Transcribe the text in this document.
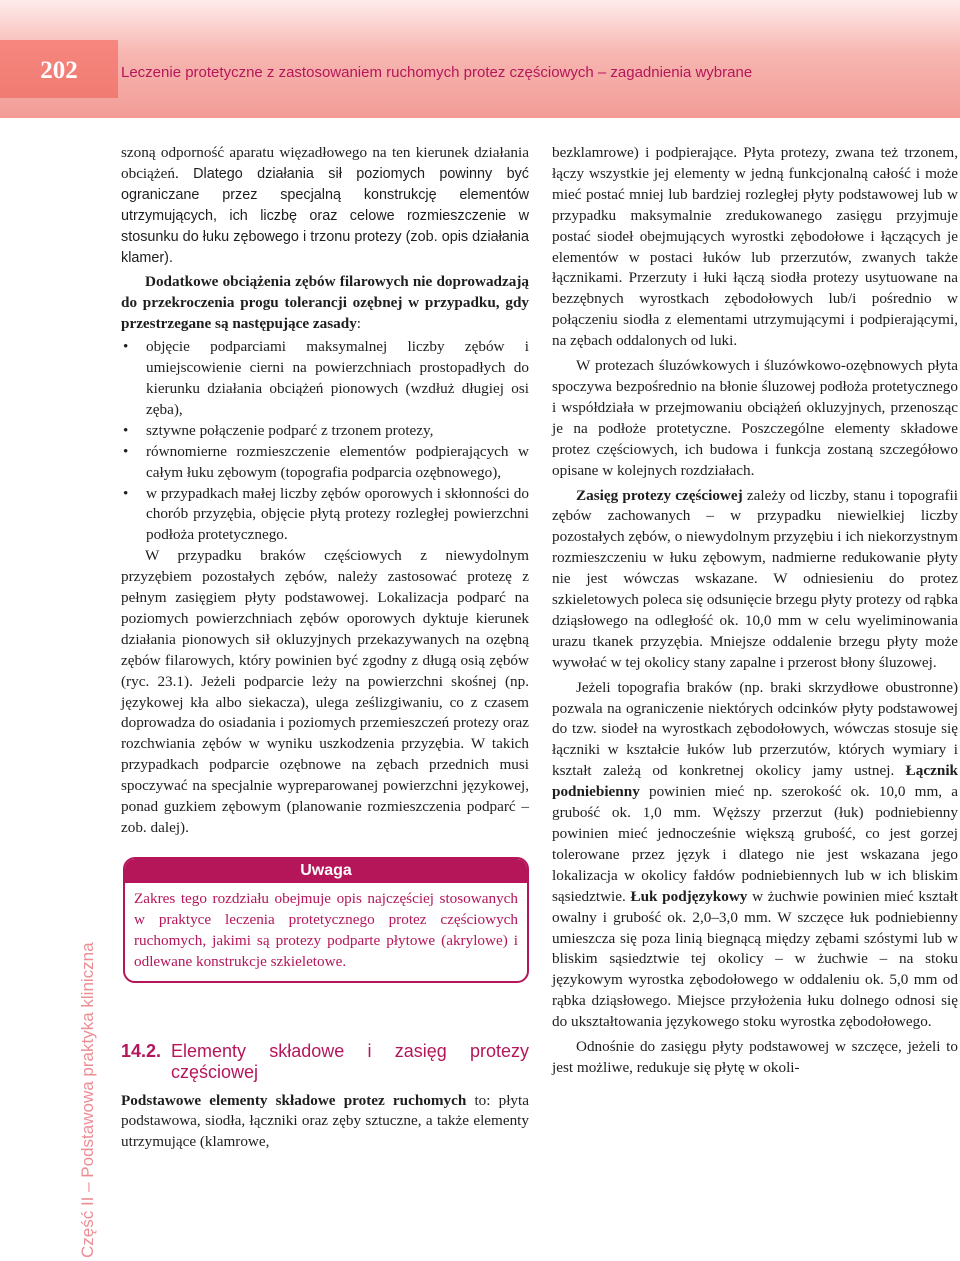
202	Leczenie protetyczne z zastosowaniem ruchomych protez częściowych – zagadnienia wybrane
Część II – Podstawowa praktyka kliniczna

szoną odporność aparatu więzadłowego na ten kierunek działania obciążeń. Dlatego działania sił poziomych powinny być ograniczane przez specjalną konstrukcję elementów utrzymujących, ich liczbę oraz celowe rozmieszczenie w stosunku do łuku zębowego i trzonu protezy (zob. opis działania klamer).

Dodatkowe obciążenia zębów filarowych nie doprowadzają do przekroczenia progu tolerancji ozębnej w przypadku, gdy przestrzegane są następujące zasady:

• objęcie podparciami maksymalnej liczby zębów i umiejscowienie cierni na powierzchniach prostopadłych do kierunku działania obciążeń pionowych (wzdłuż długiej osi zęba),
• sztywne połączenie podparć z trzonem protezy,
• równomierne rozmieszczenie elementów podpierających w całym łuku zębowym (topografia podparcia ozębnowego),
• w przypadkach małej liczby zębów oporowych i skłonności do chorób przyzębia, objęcie płytą protezy rozległej powierzchni podłoża protetycznego.

W przypadku braków częściowych z niewydolnym przyzębiem pozostałych zębów, należy zastosować protezę z pełnym zasięgiem płyty podstawowej. Lokalizacja podparć na poziomych powierzchniach zębów oporowych dyktuje kierunek działania pionowych sił okluzyjnych przekazywanych na ozębną zębów filarowych, który powinien być zgodny z długą osią zębów (ryc. 23.1). Jeżeli podparcie leży na powierzchni skośnej (np. językowej kła albo siekacza), ulega ześlizgiwaniu, co z czasem doprowadza do osiadania i poziomych przemieszczeń protezy oraz rozchwiania zębów w wyniku uszkodzenia przyzębia. W takich przypadkach podparcie ozębnowe na zębach przednich musi spoczywać na specjalnie wypreparowanej powierzchni językowej, ponad guzkiem zębowym (planowanie rozmieszczenia podparć – zob. dalej).

Uwaga
Zakres tego rozdziału obejmuje opis najczęściej stosowanych w praktyce leczenia protetycznego protez częściowych ruchomych, jakimi są protezy podparte płytowe (akrylowe) i odlewane konstrukcje szkieletowe.
14.2. Elementy składowe i zasięg protezy częściowej

Podstawowe elementy składowe protez ruchomych to: płyta podstawowa, siodła, łączniki oraz zęby sztuczne, a także elementy utrzymujące (klamrowe,

bezklamrowe) i podpierające. Płyta protezy, zwana też trzonem, łączy wszystkie jej elementy w jedną funkcjonalną całość i może mieć postać mniej lub bardziej rozległej płyty podstawowej lub w przypadku maksymalnie zredukowanego zasięgu przyjmuje postać siodeł obejmujących wyrostki zębodołowe i łączących je elementów w postaci łuków lub przerzutów, zwanych także łącznikami. Przerzuty i łuki łączą siodła protezy usytuowane na bezzębnych wyrostkach zębodołowych lub/i pośrednio w połączeniu siodła z elementami utrzymującymi i podpierającymi, na zębach oddalonych od luki.

W protezach śluzówkowych i śluzówkowo-ozębnowych płyta spoczywa bezpośrednio na błonie śluzowej podłoża protetycznego i współdziała w przejmowaniu obciążeń okluzyjnych, przenosząc je na podłoże protetyczne. Poszczególne elementy składowe protez częściowych, ich budowa i funkcja zostaną szczegółowo opisane w kolejnych rozdziałach.

Zasięg protezy częściowej zależy od liczby, stanu i topografii zębów zachowanych – w przypadku niewielkiej liczby pozostałych zębów, o niewydolnym przyzębiu i ich niekorzystnym rozmieszczeniu w łuku zębowym, nadmierne redukowanie płyty nie jest wówczas wskazane. W odniesieniu do protez szkieletowych poleca się odsunięcie brzegu płyty protezy od rąbka dziąsłowego na odległość ok. 10,0 mm w celu wyeliminowania urazu tkanek przyzębia. Mniejsze oddalenie brzegu płyty może wywołać w tej okolicy stany zapalne i przerost błony śluzowej.

Jeżeli topografia braków (np. braki skrzydłowe obustronne) pozwala na ograniczenie niektórych odcinków płyty podstawowej do tzw. siodeł na wyrostkach zębodołowych, wówczas stosuje się łączniki w kształcie łuków lub przerzutów, których wymiary i kształt zależą od konkretnej okolicy jamy ustnej. Łącznik podniebienny powinien mieć np. szerokość ok. 10,0 mm, a grubość ok. 1,0 mm. Węższy przerzut (łuk) podniebienny powinien mieć jednocześnie większą grubość, co jest gorzej tolerowane przez język i dlatego nie jest wskazana jego lokalizacja w okolicy fałdów podniebiennych lub w ich bliskim sąsiedztwie. Łuk podjęzykowy w żuchwie powinien mieć kształt owalny i grubość ok. 2,0–3,0 mm. W szczęce łuk podniebienny umieszcza się poza linią biegnącą między zębami szóstymi lub w bliskim sąsiedztwie tej okolicy – w żuchwie – na stoku językowym wyrostka zębodołowego w oddaleniu ok. 5,0 mm od rąbka dziąsłowego. Miejsce przyłożenia łuku dolnego odnosi się do ukształtowania językowego stoku wyrostka zębodołowego.

Odnośnie do zasięgu płyty podstawowej w szczęce, jeżeli to jest możliwe, redukuje się płytę w okoli-
